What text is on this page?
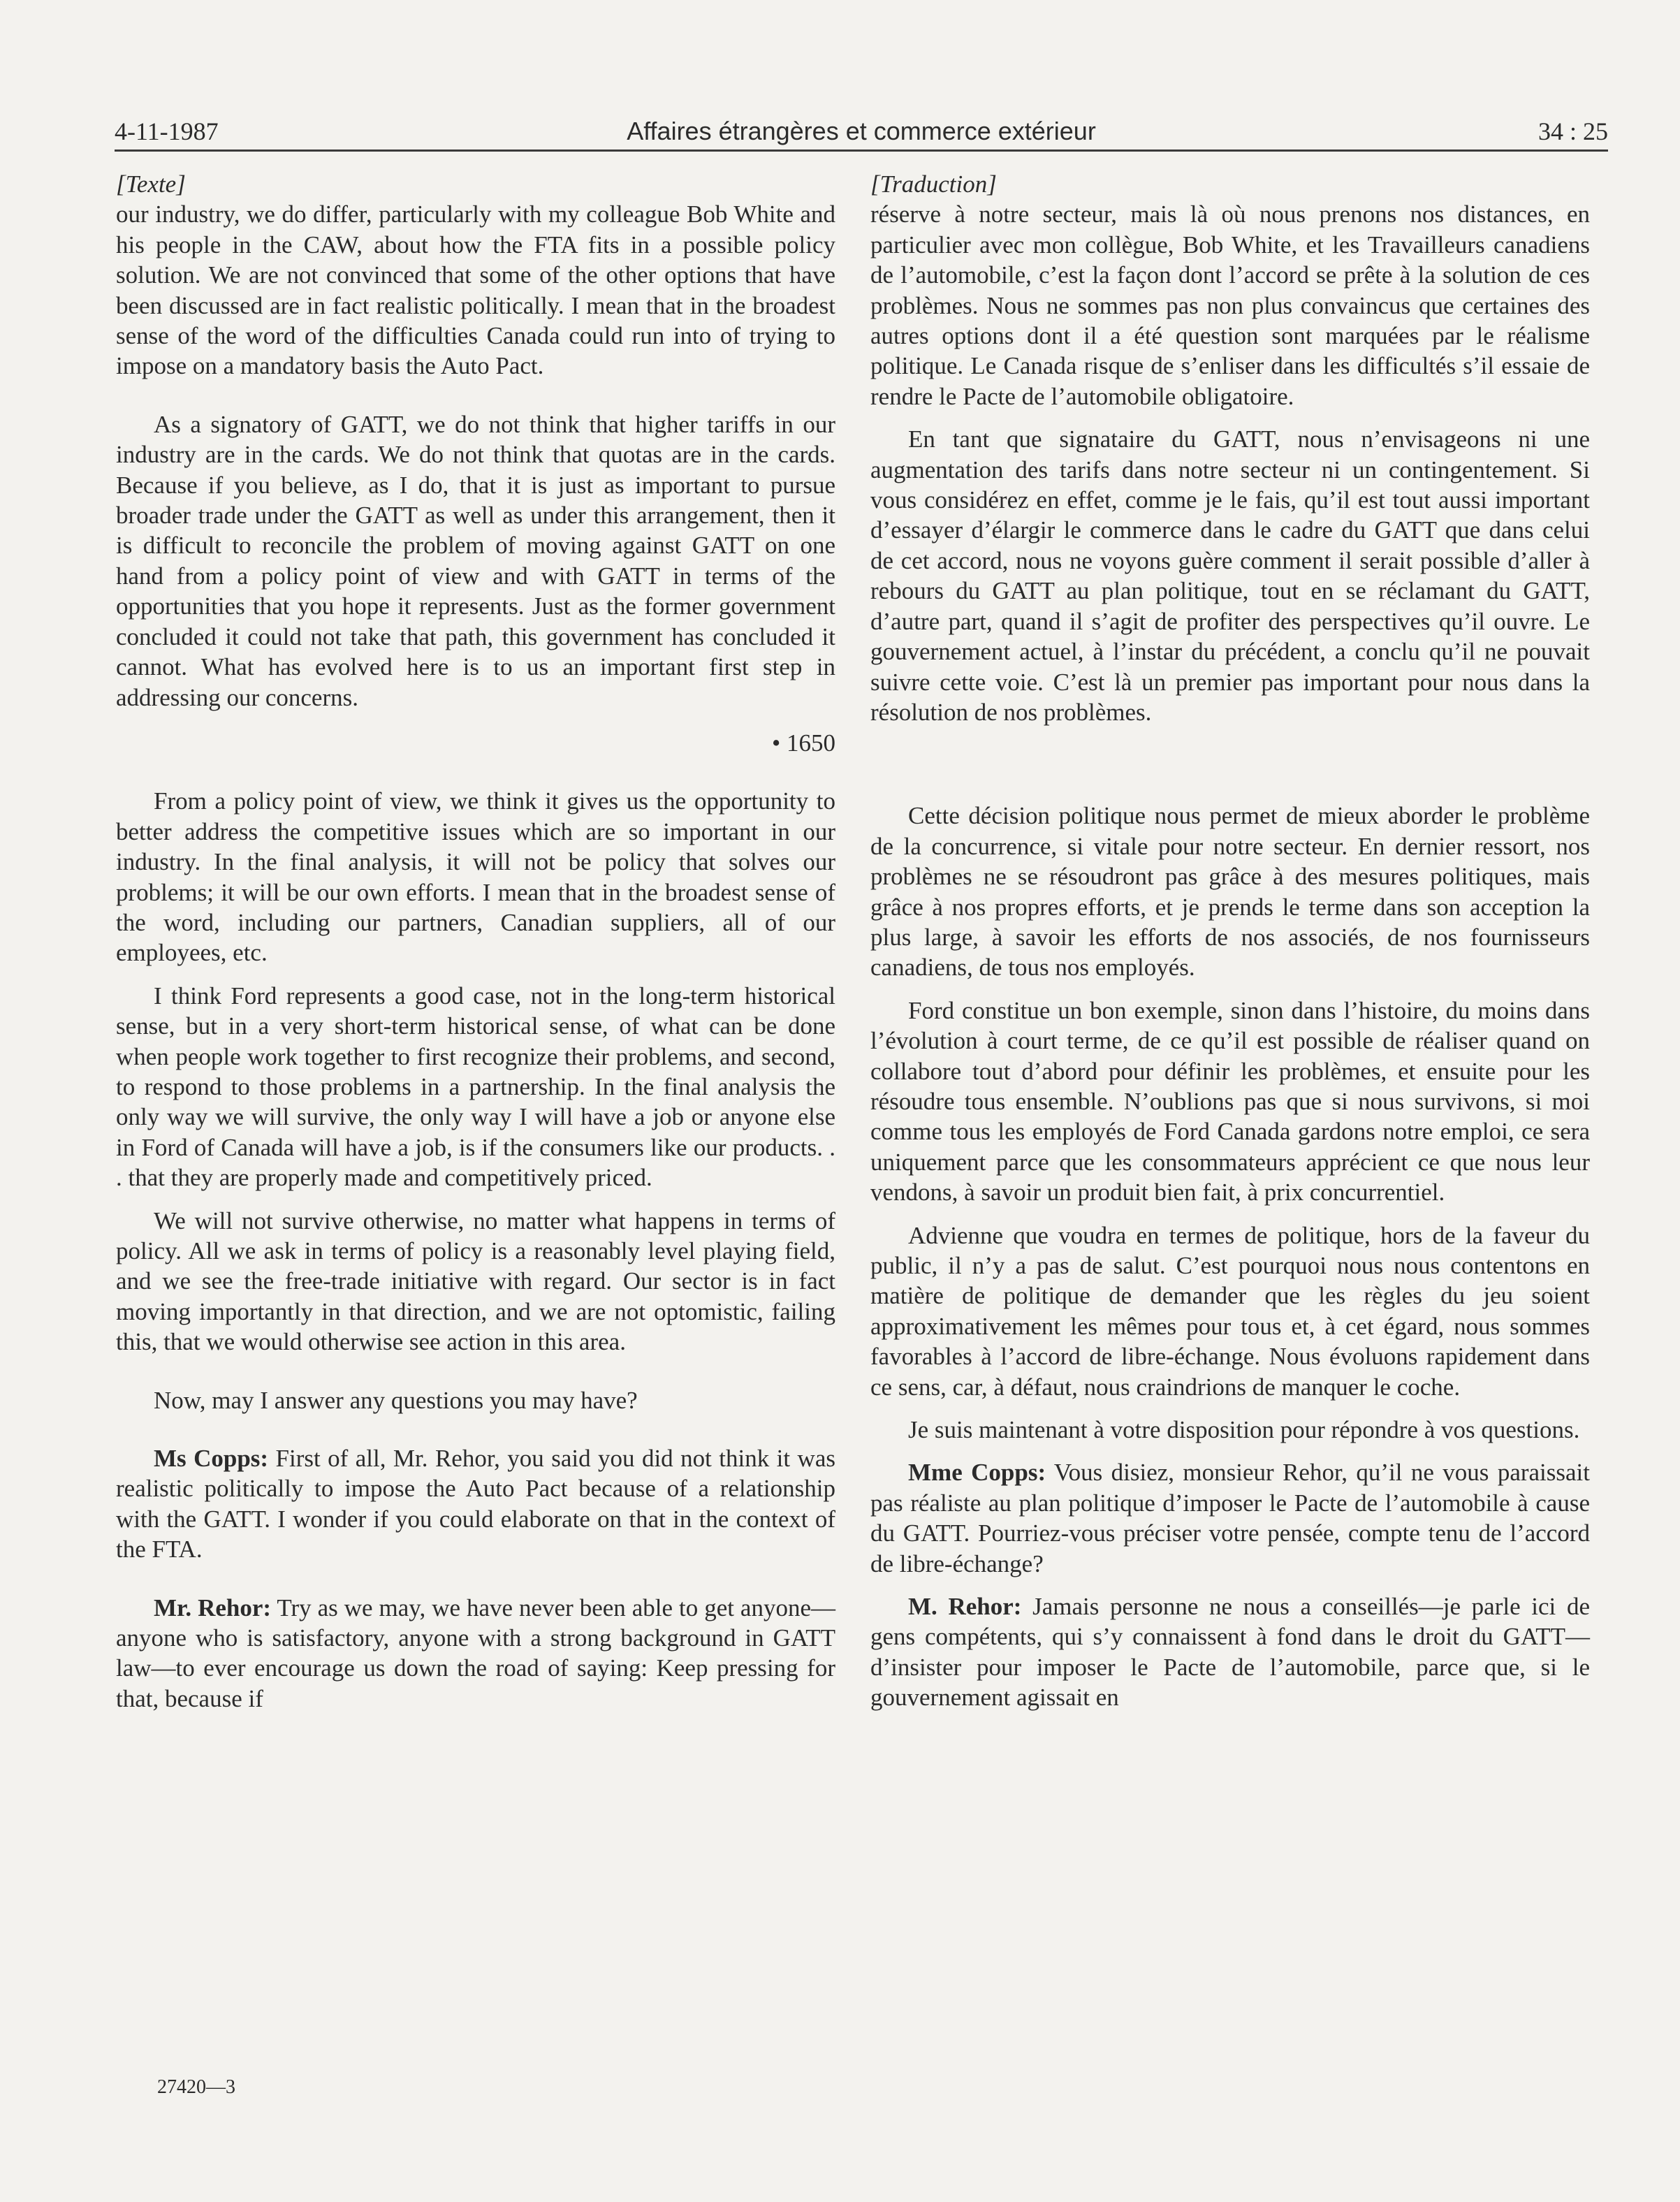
4-11-1987	Affaires étrangères et commerce extérieur	34 : 25

[Texte]

our industry, we do differ, particularly with my colleague Bob White and his people in the CAW, about how the FTA fits in a possible policy solution. We are not convinced that some of the other options that have been discussed are in fact realistic politically. I mean that in the broadest sense of the word of the difficulties Canada could run into of trying to impose on a mandatory basis the Auto Pact.

As a signatory of GATT, we do not think that higher tariffs in our industry are in the cards. We do not think that quotas are in the cards. Because if you believe, as I do, that it is just as important to pursue broader trade under the GATT as well as under this arrangement, then it is difficult to reconcile the problem of moving against GATT on one hand from a policy point of view and with GATT in terms of the opportunities that you hope it represents. Just as the former government concluded it could not take that path, this government has concluded it cannot. What has evolved here is to us an important first step in addressing our concerns.

• 1650

From a policy point of view, we think it gives us the opportunity to better address the competitive issues which are so important in our industry. In the final analysis, it will not be policy that solves our problems; it will be our own efforts. I mean that in the broadest sense of the word, including our partners, Canadian suppliers, all of our employees, etc.

I think Ford represents a good case, not in the long-term historical sense, but in a very short-term historical sense, of what can be done when people work together to first recognize their problems, and second, to respond to those problems in a partnership. In the final analysis the only way we will survive, the only way I will have a job or anyone else in Ford of Canada will have a job, is if the consumers like our products. . . that they are properly made and competitively priced.

We will not survive otherwise, no matter what happens in terms of policy. All we ask in terms of policy is a reasonably level playing field, and we see the free-trade initiative with regard. Our sector is in fact moving importantly in that direction, and we are not optomistic, failing this, that we would otherwise see action in this area.

Now, may I answer any questions you may have?

Ms Copps: First of all, Mr. Rehor, you said you did not think it was realistic politically to impose the Auto Pact because of a relationship with the GATT. I wonder if you could elaborate on that in the context of the FTA.

Mr. Rehor: Try as we may, we have never been able to get anyone—anyone who is satisfactory, anyone with a strong background in GATT law—to ever encourage us down the road of saying: Keep pressing for that, because if

[Traduction]

réserve à notre secteur, mais là où nous prenons nos distances, en particulier avec mon collègue, Bob White, et les Travailleurs canadiens de l’automobile, c’est la façon dont l’accord se prête à la solution de ces problèmes. Nous ne sommes pas non plus convaincus que certaines des autres options dont il a été question sont marquées par le réalisme politique. Le Canada risque de s’enliser dans les difficultés s’il essaie de rendre le Pacte de l’automobile obligatoire.

En tant que signataire du GATT, nous n’envisageons ni une augmentation des tarifs dans notre secteur ni un contingentement. Si vous considérez en effet, comme je le fais, qu’il est tout aussi important d’essayer d’élargir le commerce dans le cadre du GATT que dans celui de cet accord, nous ne voyons guère comment il serait possible d’aller à rebours du GATT au plan politique, tout en se réclamant du GATT, d’autre part, quand il s’agit de profiter des perspectives qu’il ouvre. Le gouvernement actuel, à l’instar du précédent, a conclu qu’il ne pouvait suivre cette voie. C’est là un premier pas important pour nous dans la résolution de nos problèmes.

Cette décision politique nous permet de mieux aborder le problème de la concurrence, si vitale pour notre secteur. En dernier ressort, nos problèmes ne se résoudront pas grâce à des mesures politiques, mais grâce à nos propres efforts, et je prends le terme dans son acception la plus large, à savoir les efforts de nos associés, de nos fournisseurs canadiens, de tous nos employés.

Ford constitue un bon exemple, sinon dans l’histoire, du moins dans l’évolution à court terme, de ce qu’il est possible de réaliser quand on collabore tout d’abord pour définir les problèmes, et ensuite pour les résoudre tous ensemble. N’oublions pas que si nous survivons, si moi comme tous les employés de Ford Canada gardons notre emploi, ce sera uniquement parce que les consommateurs apprécient ce que nous leur vendons, à savoir un produit bien fait, à prix concurrentiel.

Advienne que voudra en termes de politique, hors de la faveur du public, il n’y a pas de salut. C’est pourquoi nous nous contentons en matière de politique de demander que les règles du jeu soient approximativement les mêmes pour tous et, à cet égard, nous sommes favorables à l’accord de libre-échange. Nous évoluons rapidement dans ce sens, car, à défaut, nous craindrions de manquer le coche.

Je suis maintenant à votre disposition pour répondre à vos questions.

Mme Copps: Vous disiez, monsieur Rehor, qu’il ne vous paraissait pas réaliste au plan politique d’imposer le Pacte de l’automobile à cause du GATT. Pourriez-vous préciser votre pensée, compte tenu de l’accord de libre-échange?

M. Rehor: Jamais personne ne nous a conseillés—je parle ici de gens compétents, qui s’y connaissent à fond dans le droit du GATT—d’insister pour imposer le Pacte de l’automobile, parce que, si le gouvernement agissait en

27420—3
